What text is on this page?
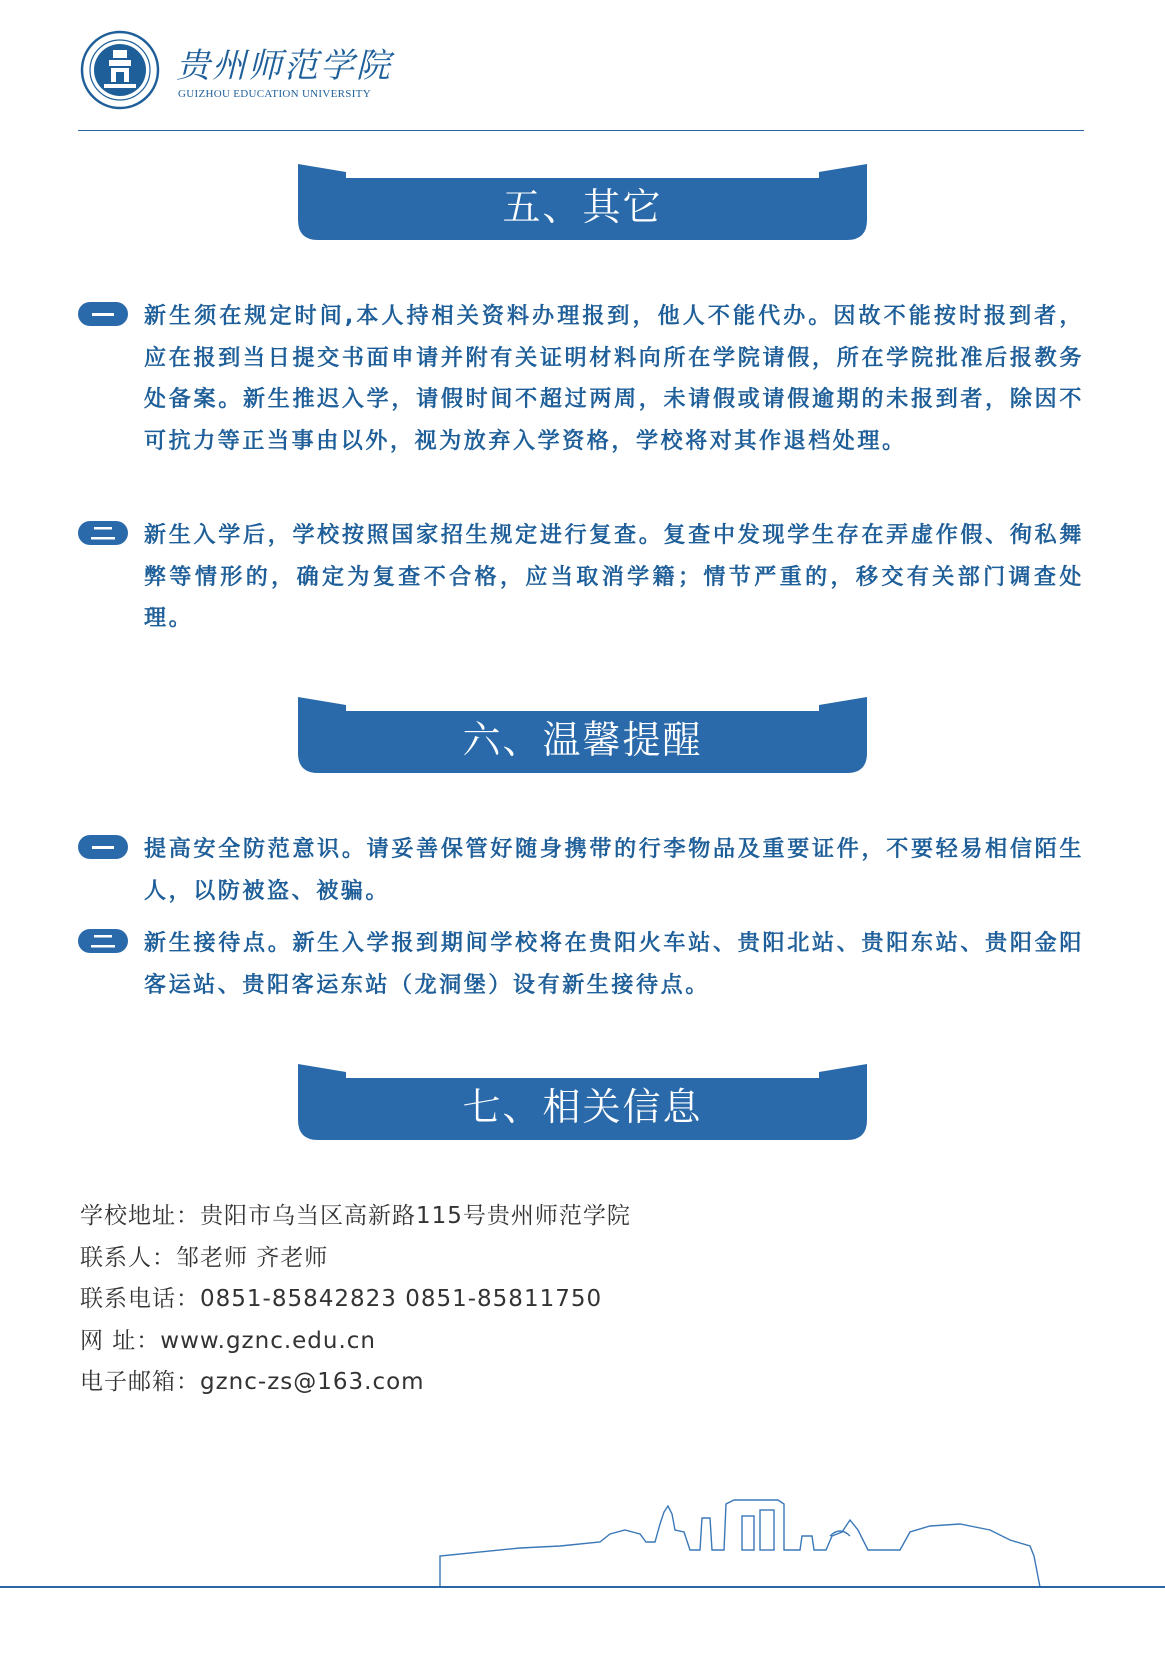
贵州师范学院
GUIZHOU EDUCATION UNIVERSITY
五、其它
新生须在规定时间,本人持相关资料办理报到，他人不能代办。因故不能按时报到者，应在报到当日提交书面申请并附有关证明材料向所在学院请假，所在学院批准后报教务处备案。新生推迟入学，请假时间不超过两周，未请假或请假逾期的未报到者，除因不可抗力等正当事由以外，视为放弃入学资格，学校将对其作退档处理。
新生入学后，学校按照国家招生规定进行复查。复查中发现学生存在弄虚作假、徇私舞弊等情形的，确定为复查不合格，应当取消学籍；情节严重的，移交有关部门调查处理。
六、温馨提醒
提高安全防范意识。请妥善保管好随身携带的行李物品及重要证件，不要轻易相信陌生人，以防被盗、被骗。
新生接待点。新生入学报到期间学校将在贵阳火车站、贵阳北站、贵阳东站、贵阳金阳客运站、贵阳客运东站（龙洞堡）设有新生接待点。
七、相关信息
学校地址：贵阳市乌当区高新路115号贵州师范学院
联系人：邹老师 齐老师
联系电话：0851-85842823 0851-85811750
网 址：www.gznc.edu.cn
电子邮箱：gznc-zs@163.com
